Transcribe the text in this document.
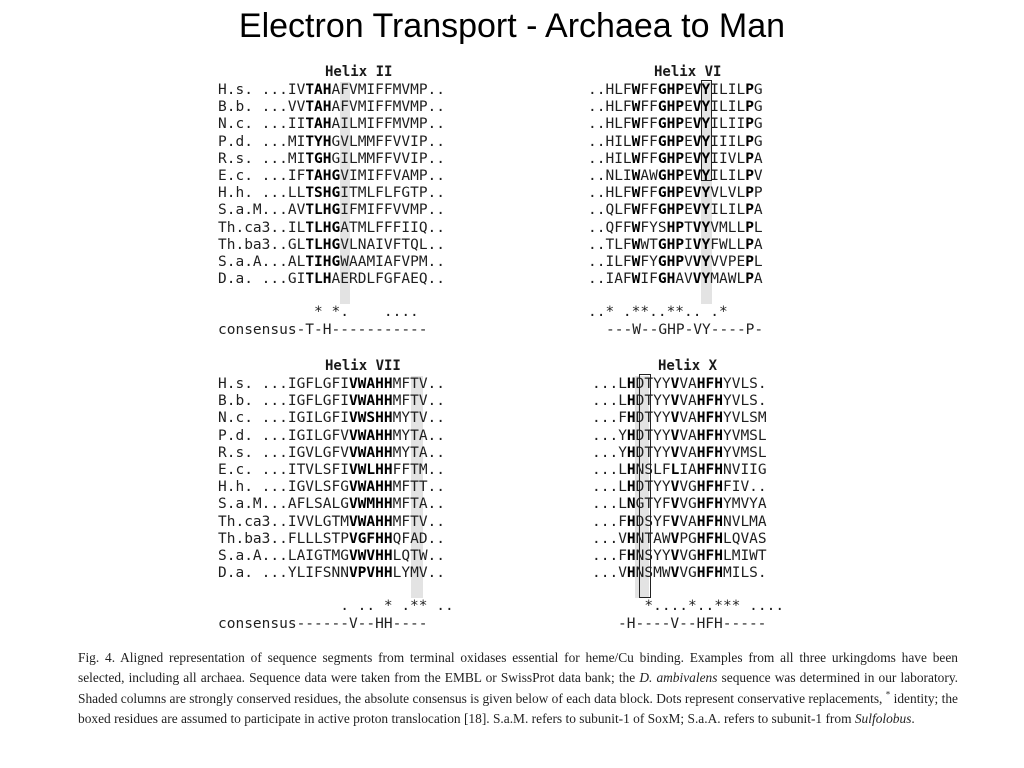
Electron Transport - Archaea to Man
Helix II
H.s. ...IVTAHAFVMIFFMVMP..
B.b. ...VVTAHAFVMIFFMVMP..
N.c. ...IITAHAILMIFFMVMP..
P.d. ...MITYHGVLMMFFVVIP..
R.s. ...MITGHGILMMFFVVIP..
E.c. ...IFTAHGVIMIFFVAMP..
H.h. ...LLTSHGITMLFLFGTP..
S.a.M...AVTLHGIFMIFFVVMP..
Th.ca3..ILTLHGATMLFFFIIQ..
Th.ba3..GLTLHGVLNAIVFTQL..
S.a.A...ALTIHGWAAMIAFVPM..
D.a. ...GITLHAERDLFGFAEQ..
* *.    ....
consensus-T-H-----------
Helix VI
..HLFWFFGHPEVYILILPG
..HLFWFFGHPEVYILILPG
..HLFWFFGHPEVYILIIPG
..HILWFFGHPEVYIIILPG
..HILWFFGHPEVYIIVLPA
..NLIWAWGHPEVYILILPV
..HLFWFFGHPEVYVLVLPP
..QLFWFFGHPEVYILILPA
..QFFWFYSHPTVYVMLLPL
..TLFWWTGHPIVYFWLLPA
..ILFWFYGHPVVYVVPEPL
..IAFWIFGHAVVYMAWLPA
..* .**..**.. .*
---W--GHP-VY----P-
Helix VII
H.s. ...IGFLGFIVWAHHMFTV..
B.b. ...IGFLGFIVWAHHMFTV..
N.c. ...IGILGFIVWSHHMYTV..
P.d. ...IGILGFVVWAHHMYTA..
R.s. ...IGVLGFVVWAHHMYTA..
E.c. ...ITVLSFIVWLHHFFTM..
H.h. ...IGVLSFGVWAHHMFTT..
S.a.M...AFLSALGVWMHHMFTA..
Th.ca3..IVVLGTMVWAHHMFTV..
Th.ba3..FLLLSTPVGFHHQFAD..
S.a.A...LAIGTMGVWVHHLQTW..
D.a. ...YLIFSNNVPVHHLYMV..
. .. * .** ..
consensus------V--HH----
Helix X
...LHDTYYVVAHFHYVLS.
...LHDTYYVVAHFHYVLS.
...FHDTYYVVAHFHYVLSM
...YHDTYYVVAHFHYVMSL
...YHDTYYVVAHFHYVMSL
...LHNSLFLIAHFHNVIIG
...LHDTYYVVGHFHFIV..
...LNGTYFVVGHFHYMVYA
...FHDSYFVVAHFHNVLMA
...VHNTAWVPGHFHLQVAS
...FHNSYYVVGHFHLMIWT
...VHNSMWVVGHFHMILS.
*....*..*** ....
-H----V--HFH-----
Fig. 4. Aligned representation of sequence segments from terminal oxidases essential for heme/Cu binding. Examples from all three urkingdoms have been selected, including all archaea. Sequence data were taken from the EMBL or SwissProt data bank; the D. ambivalens sequence was determined in our laboratory. Shaded columns are strongly conserved residues, the absolute consensus is given below of each data block. Dots represent conservative replacements, * identity; the boxed residues are assumed to participate in active proton translocation [18]. S.a.M. refers to subunit-1 of SoxM; S.a.A. refers to subunit-1 from Sulfolobus.
